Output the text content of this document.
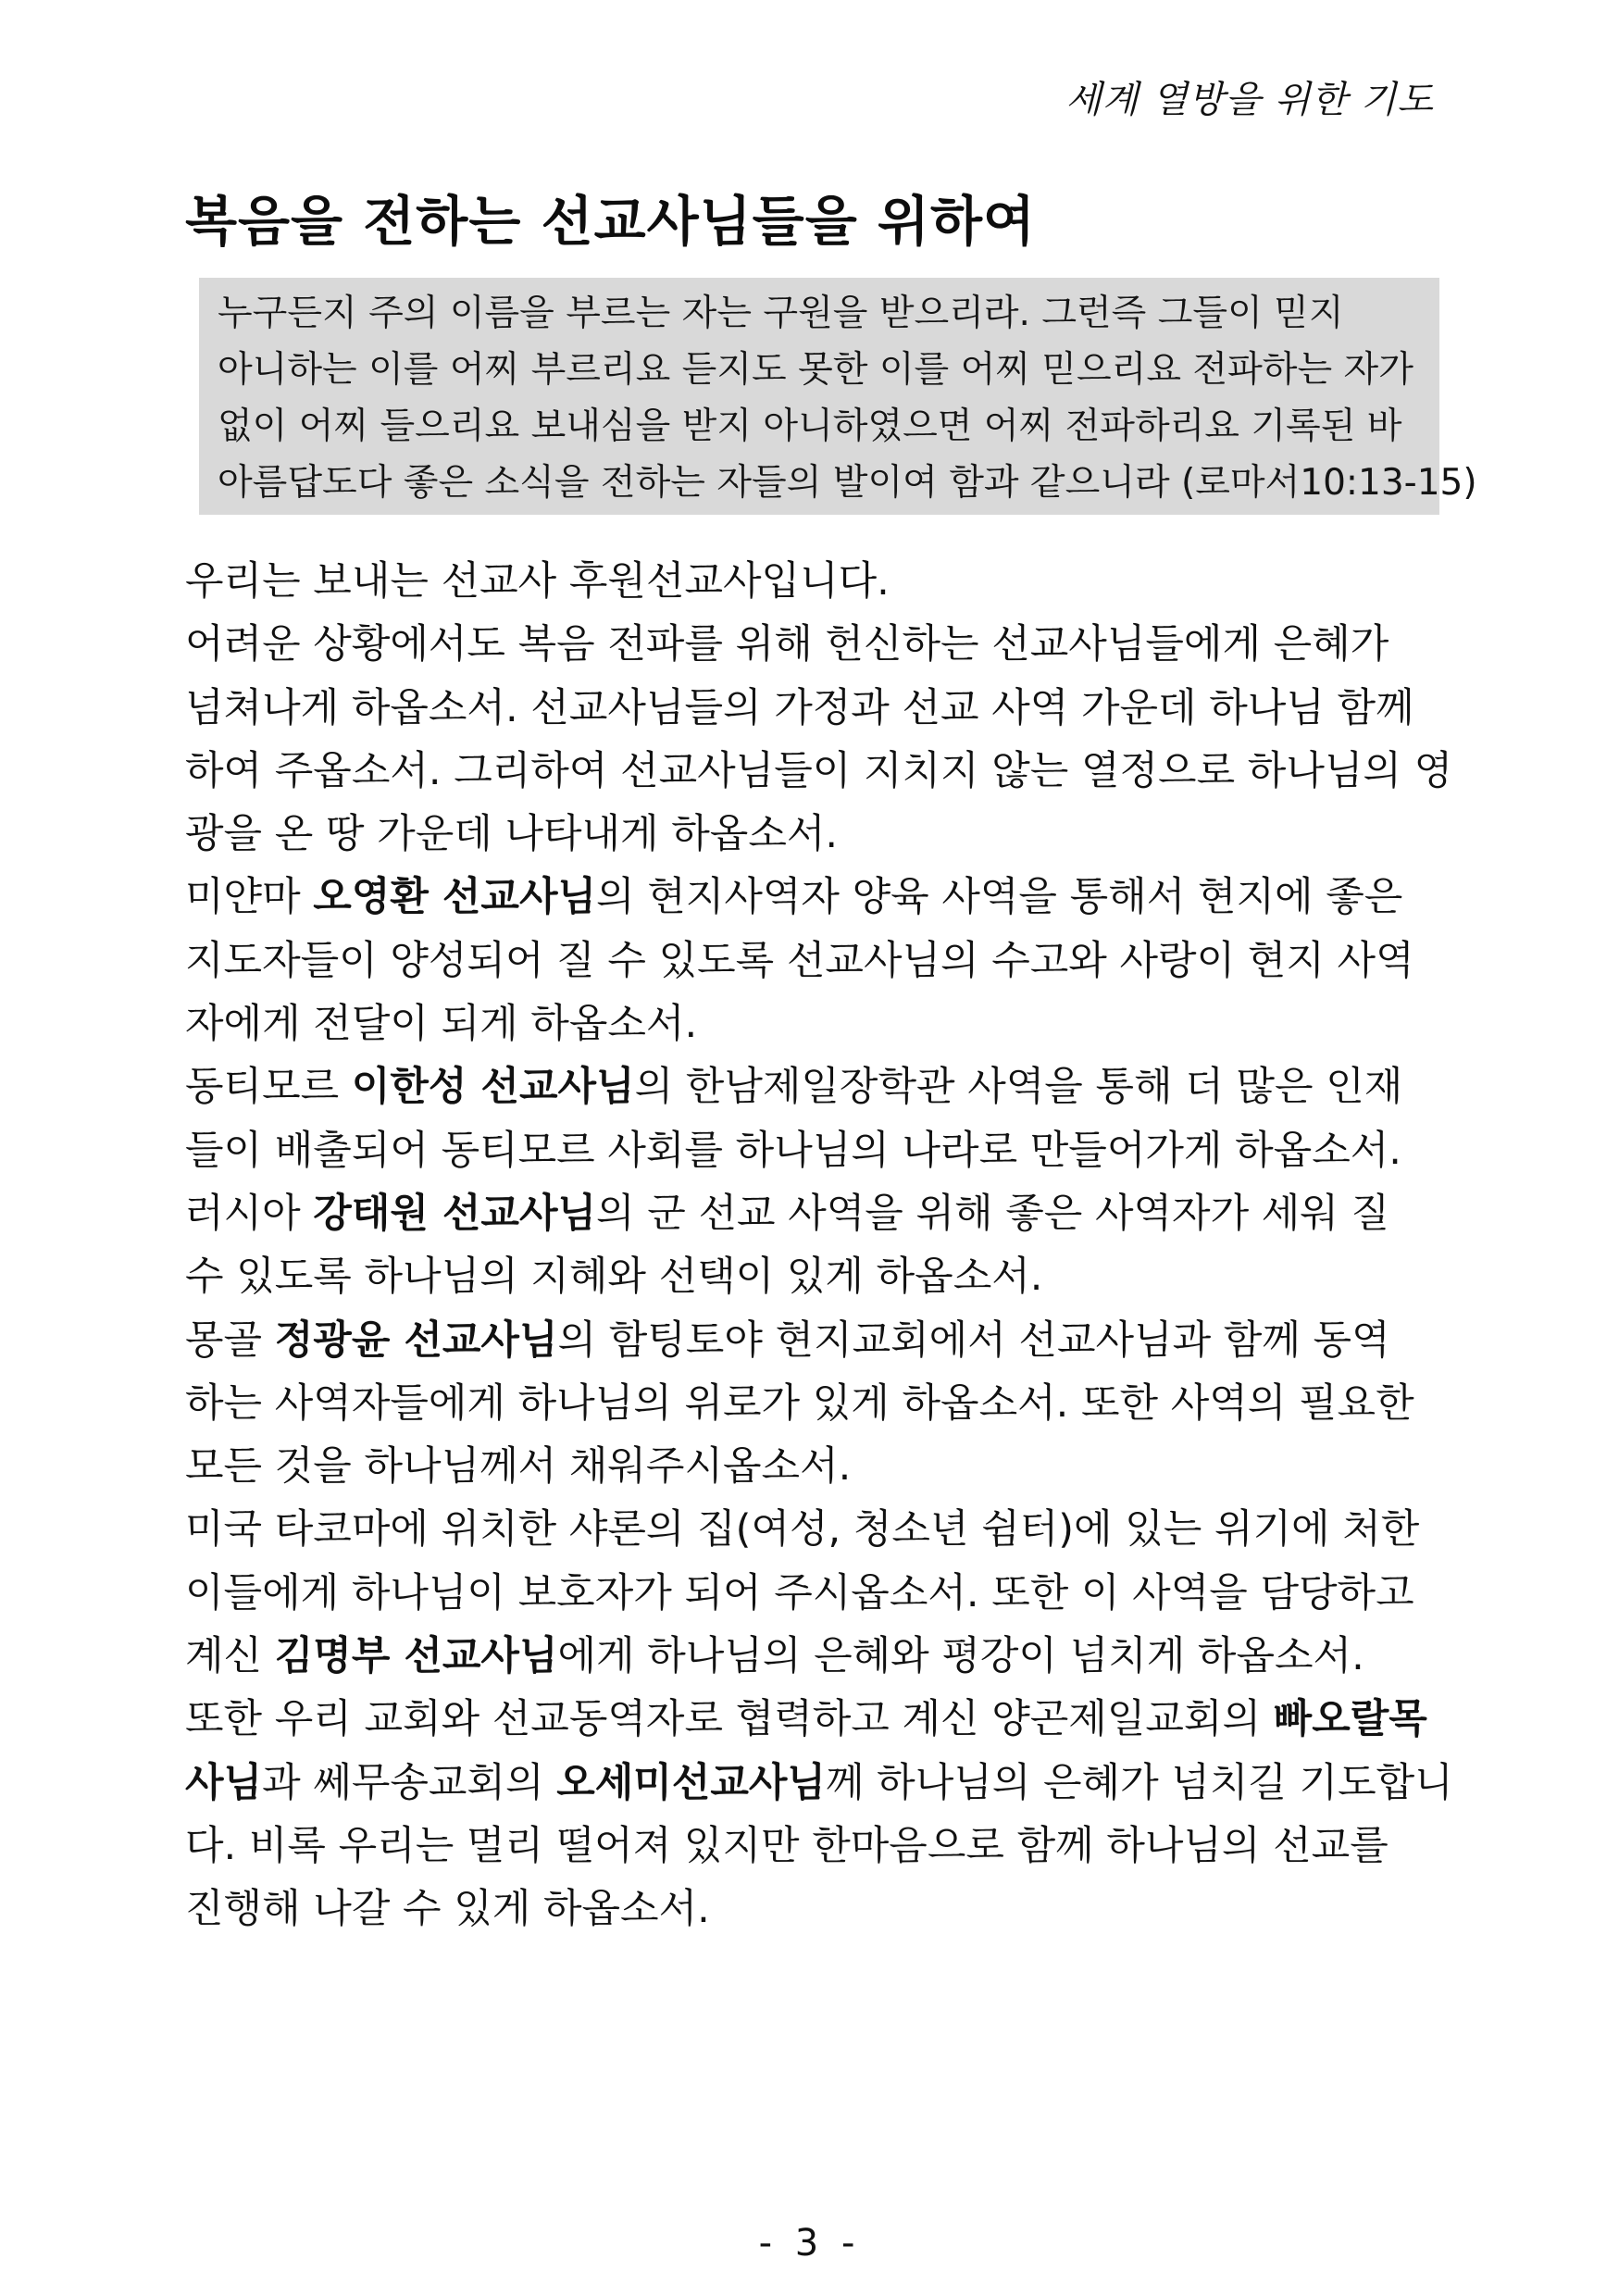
세계 열방을 위한 기도
복음을 전하는 선교사님들을 위하여
누구든지 주의 이름을 부르는 자는 구원을 받으리라. 그런즉 그들이 믿지
아니하는 이를 어찌 부르리요 듣지도 못한 이를 어찌 믿으리요 전파하는 자가
없이 어찌 들으리요 보내심을 받지 아니하였으면 어찌 전파하리요 기록된 바
아름답도다 좋은 소식을 전하는 자들의 발이여 함과 같으니라 (로마서10:13-15)
우리는 보내는 선교사 후원선교사입니다.
어려운 상황에서도 복음 전파를 위해 헌신하는 선교사님들에게 은혜가
넘쳐나게 하옵소서. 선교사님들의 가정과 선교 사역 가운데 하나님 함께
하여 주옵소서. 그리하여 선교사님들이 지치지 않는 열정으로 하나님의 영
광을 온 땅 가운데 나타내게 하옵소서.
미얀마 오영환 선교사님의 현지사역자 양육 사역을 통해서 현지에 좋은
지도자들이 양성되어 질 수 있도록 선교사님의 수고와 사랑이 현지 사역
자에게 전달이 되게 하옵소서.
동티모르 이한성 선교사님의 한남제일장학관 사역을 통해 더 많은 인재
들이 배출되어 동티모르 사회를 하나님의 나라로 만들어가게 하옵소서.
러시아 강태원 선교사님의 군 선교 사역을 위해 좋은 사역자가 세워 질
수 있도록 하나님의 지혜와 선택이 있게 하옵소서.
몽골 정광윤 선교사님의 함팅토야 현지교회에서 선교사님과 함께 동역
하는 사역자들에게 하나님의 위로가 있게 하옵소서. 또한 사역의 필요한
모든 것을 하나님께서 채워주시옵소서.
미국 타코마에 위치한 샤론의 집(여성, 청소년 쉼터)에 있는 위기에 처한
이들에게 하나님이 보호자가 되어 주시옵소서. 또한 이 사역을 담당하고
계신 김명부 선교사님에게 하나님의 은혜와 평강이 넘치게 하옵소서.
또한 우리 교회와 선교동역자로 협력하고 계신 양곤제일교회의 빠오랄목
사님과 쎄무송교회의 오세미선교사님께 하나님의 은혜가 넘치길 기도합니
다. 비록 우리는 멀리 떨어져 있지만 한마음으로 함께 하나님의 선교를
진행해 나갈 수 있게 하옵소서.
- 3 -
